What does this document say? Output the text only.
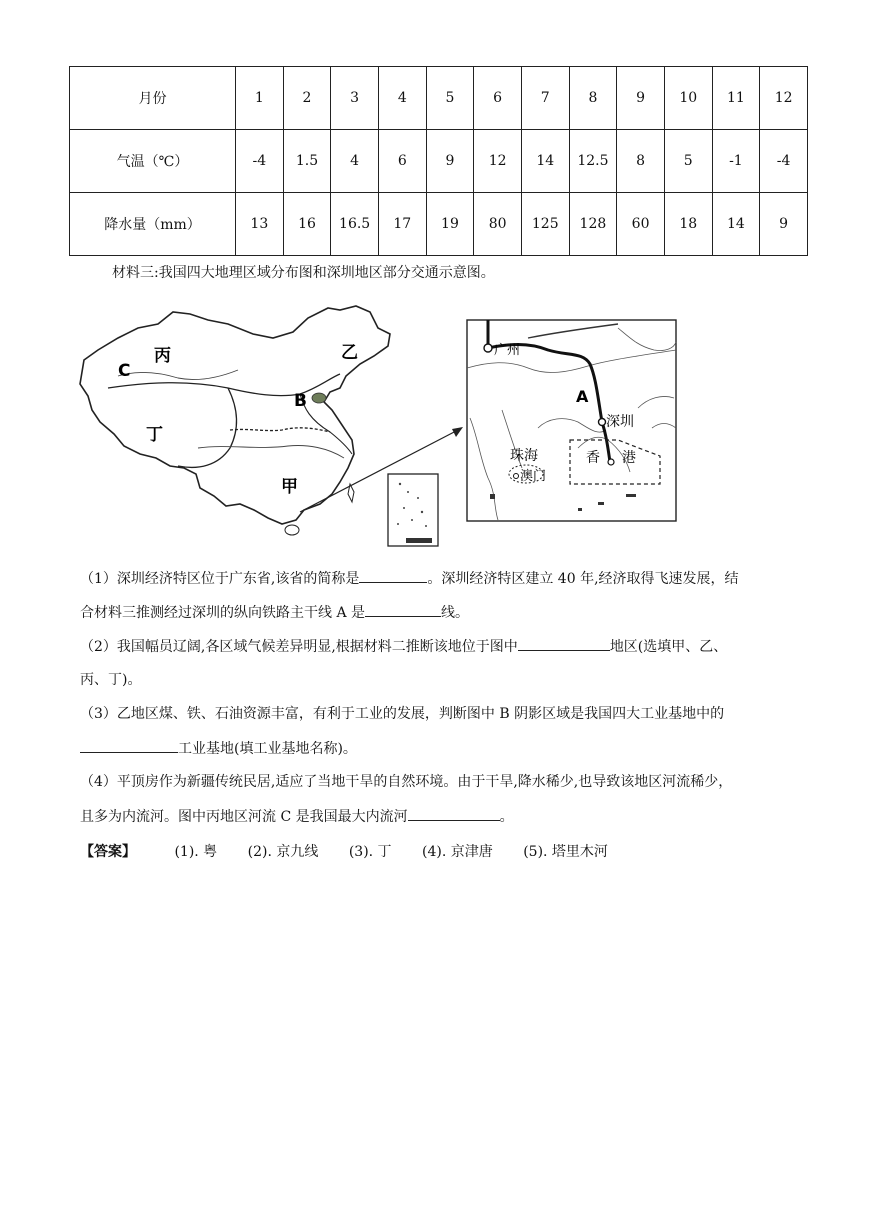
月份	1	2	3	4	5	6	7	8	9	10	11	12
气温（℃）	-4	1.5	4	6	9	12	14	12.5	8	5	-1	-4
降水量（mm）	13	16	16.5	17	19	80	125	128	60	18	14	9
材料三:我国四大地理区域分布图和深圳地区部分交通示意图。
丙	乙
C
B
丁
甲
广州
A
深圳
珠海	香 港
澳门
（1）深圳经济特区位于广东省,该省的简称是	。深圳经济特区建立 40 年,经济取得飞速发展，结
合材料三推测经过深圳的纵向铁路主干线 A 是	线。
（2）我国幅员辽阔,各区域气候差异明显,根据材料二推断该地位于图中	地区(选填甲、乙、
丙、丁)。
（3）乙地区煤、铁、石油资源丰富，有利于工业的发展，判断图中 B 阴影区域是我国四大工业基地中的
工业基地(填工业基地名称)。
（4）平顶房作为新疆传统民居,适应了当地干旱的自然环境。由于干旱,降水稀少,也导致该地区河流稀少，
且多为内流河。图中丙地区河流 C 是我国最大内流河	。
【答案】	(1). 粤 (2). 京九线 (3). 丁 (4). 京津唐 (5). 塔里木河
